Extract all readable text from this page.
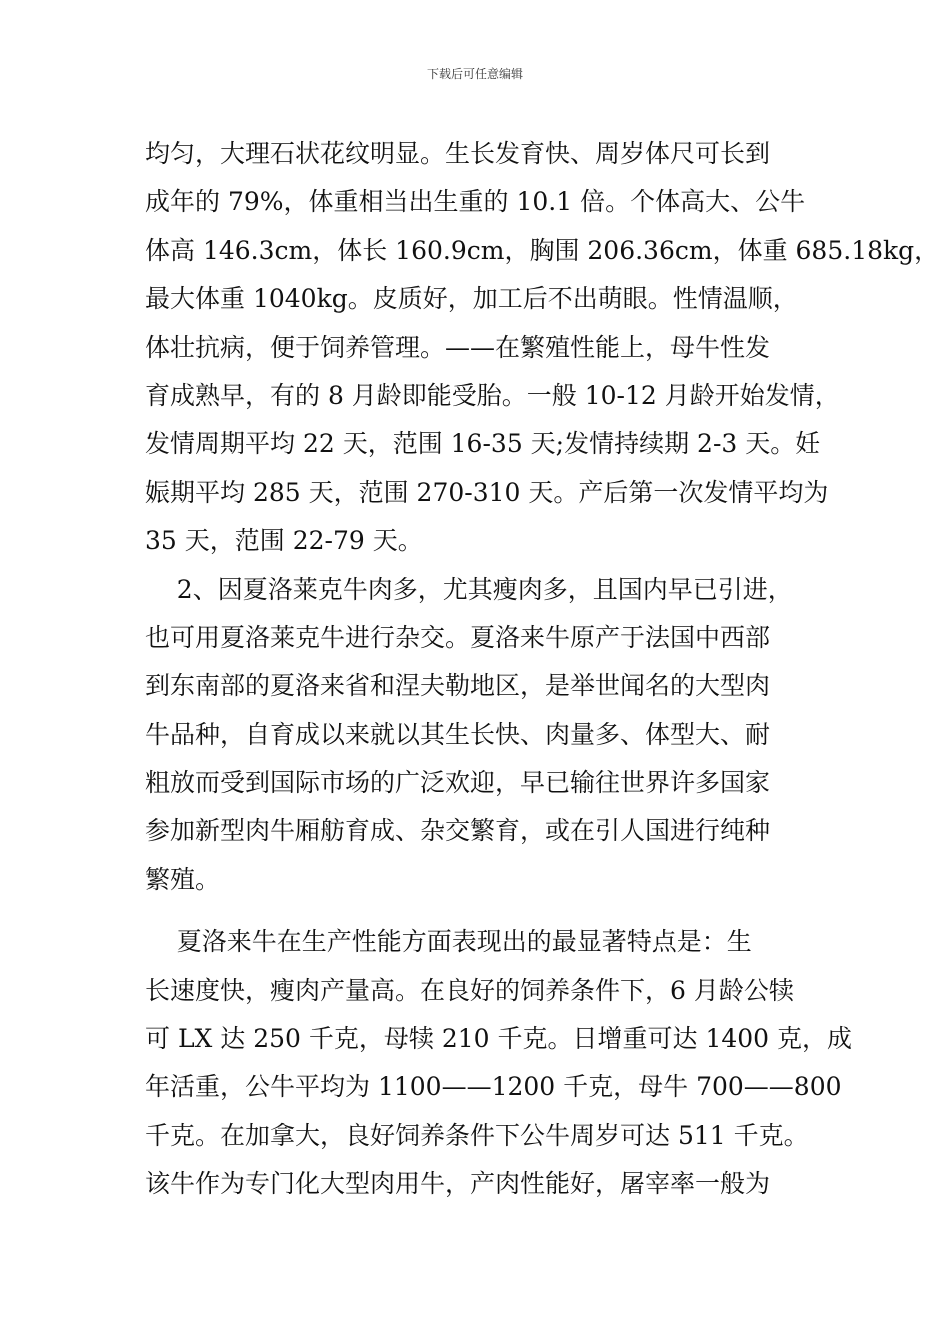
下载后可任意编辑
均匀，大理石状花纹明显。生长发育快、周岁体尺可长到
成年的 79%，体重相当出生重的 10.1 倍。个体高大、公牛
体高 146.3cm，体长 160.9cm，胸围 206.36cm，体重 685.18kg，
最大体重 1040kg。皮质好，加工后不出萌眼。性情温顺，
体壮抗病，便于饲养管理。——在繁殖性能上，母牛性发
育成熟早，有的 8 月龄即能受胎。一般 10-12 月龄开始发情，
发情周期平均 22 天，范围 16-35 天;发情持续期 2-3 天。妊
娠期平均 285 天，范围 270-310 天。产后第一次发情平均为
35 天，范围 22-79 天。
2、因夏洛莱克牛肉多，尤其瘦肉多，且国内早已引进，
也可用夏洛莱克牛进行杂交。夏洛来牛原产于法国中西部
到东南部的夏洛来省和涅夫勒地区，是举世闻名的大型肉
牛品种，自育成以来就以其生长快、肉量多、体型大、耐
粗放而受到国际市场的广泛欢迎，早已输往世界许多国家
参加新型肉牛厢舫育成、杂交繁育，或在引人国进行纯种
繁殖。
夏洛来牛在生产性能方面表现出的最显著特点是：生
长速度快，瘦肉产量高。在良好的饲养条件下，6 月龄公犊
可 LX 达 250 千克，母犊 210 千克。日增重可达 1400 克，成
年活重，公牛平均为 1100——1200 千克，母牛 700——800
千克。在加拿大，良好饲养条件下公牛周岁可达 511 千克。
该牛作为专门化大型肉用牛，产肉性能好，屠宰率一般为
